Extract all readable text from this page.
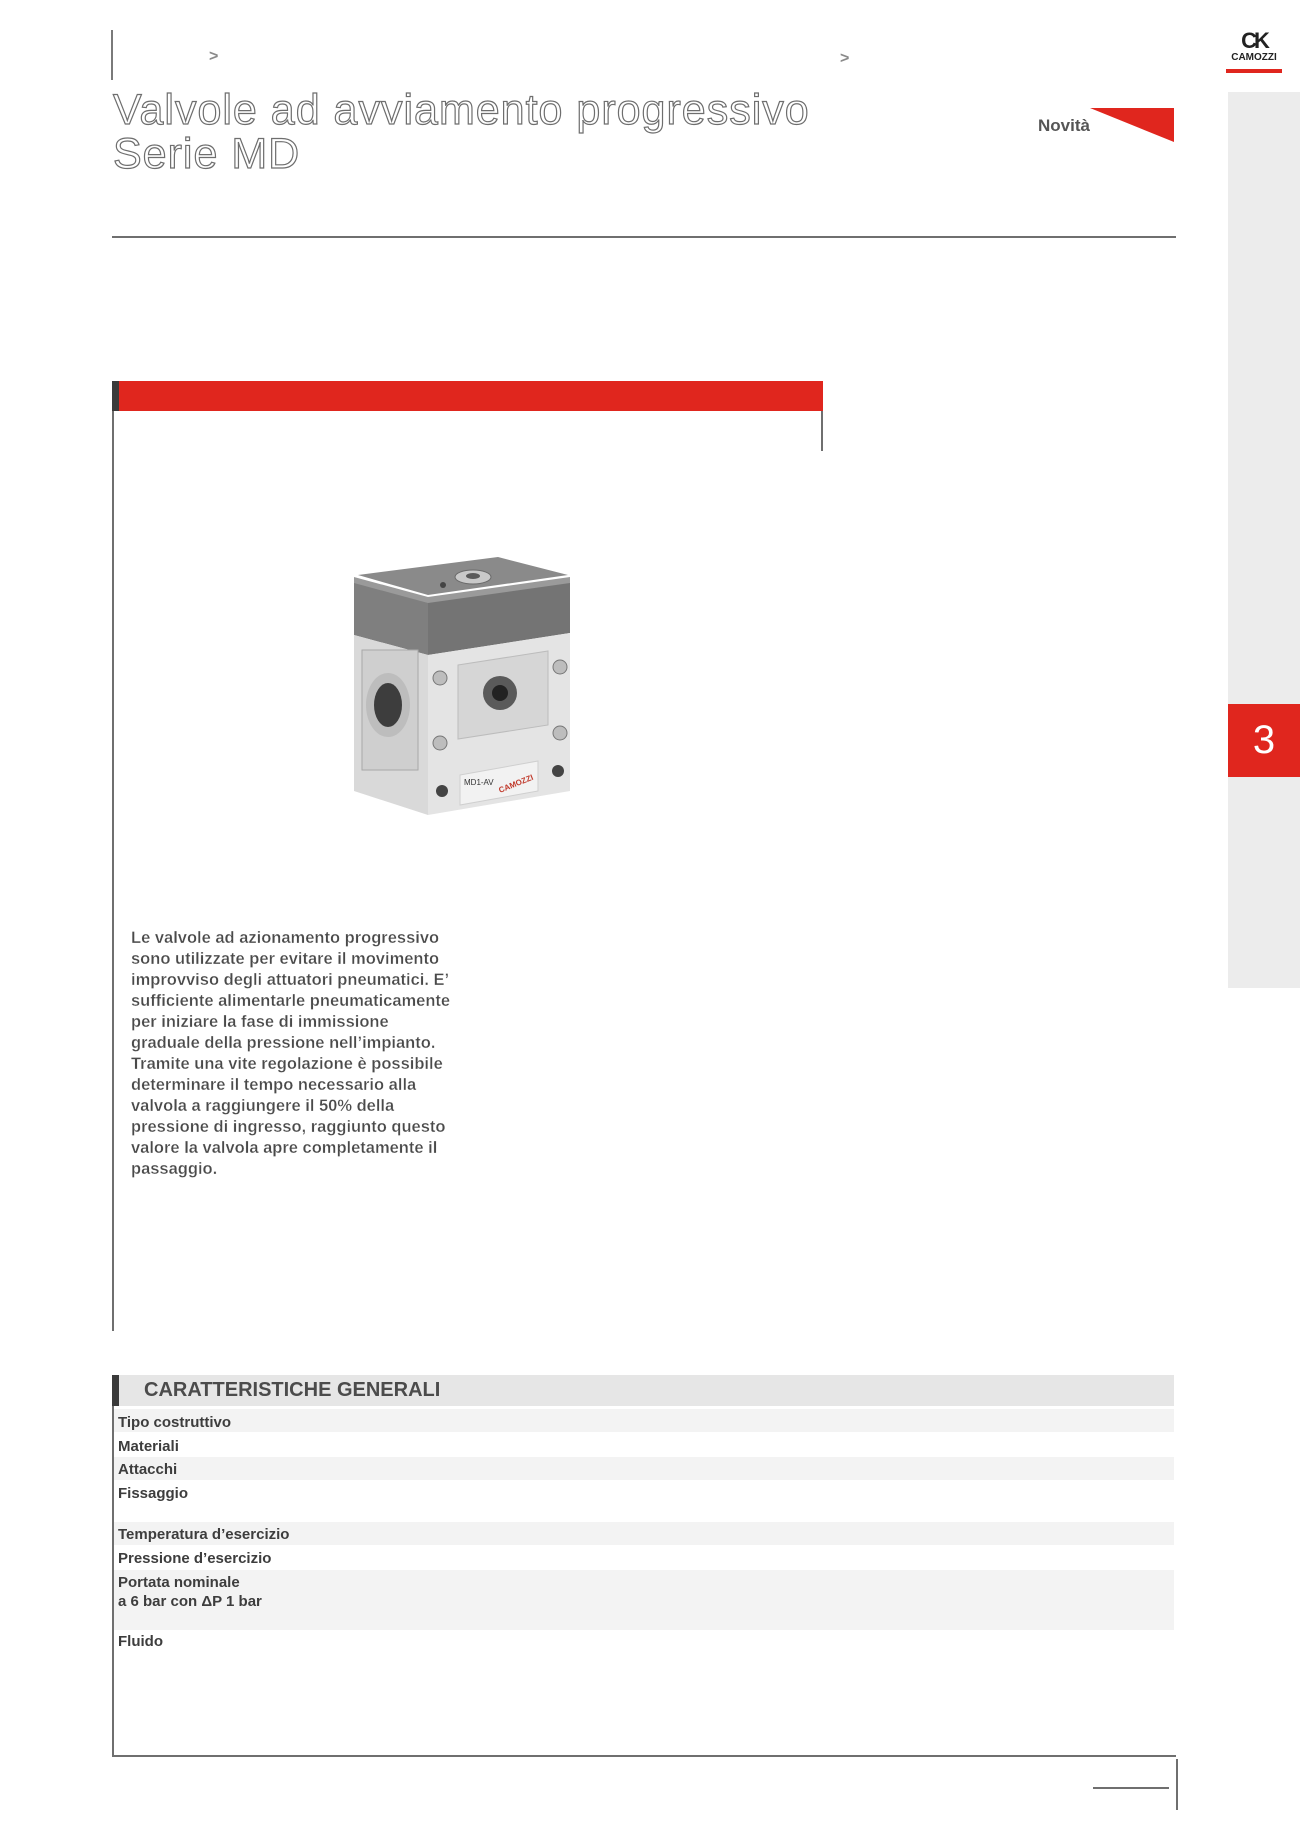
>	>
Valvole ad avviamento progressivo
Serie MD
Novità
CK
CAMOZZI
3
MD1-AV CAMOZZI
Le valvole ad azionamento progressivo sono utilizzate per evitare il movimento improvviso degli attuatori pneumatici. E’ sufficiente alimentarle pneumaticamente per iniziare la fase di immissione graduale della pressione nell’impianto. Tramite una vite regolazione è possibile determinare il tempo necessario alla valvola a raggiungere il 50% della pressione di ingresso, raggiunto questo valore la valvola apre completamente il passaggio.
CARATTERISTICHE GENERALI
Tipo costruttivo
Materiali
Attacchi
Fissaggio
Temperatura d’esercizio
Pressione d’esercizio
Portata nominale
a 6 bar con ΔP 1 bar
Fluido
